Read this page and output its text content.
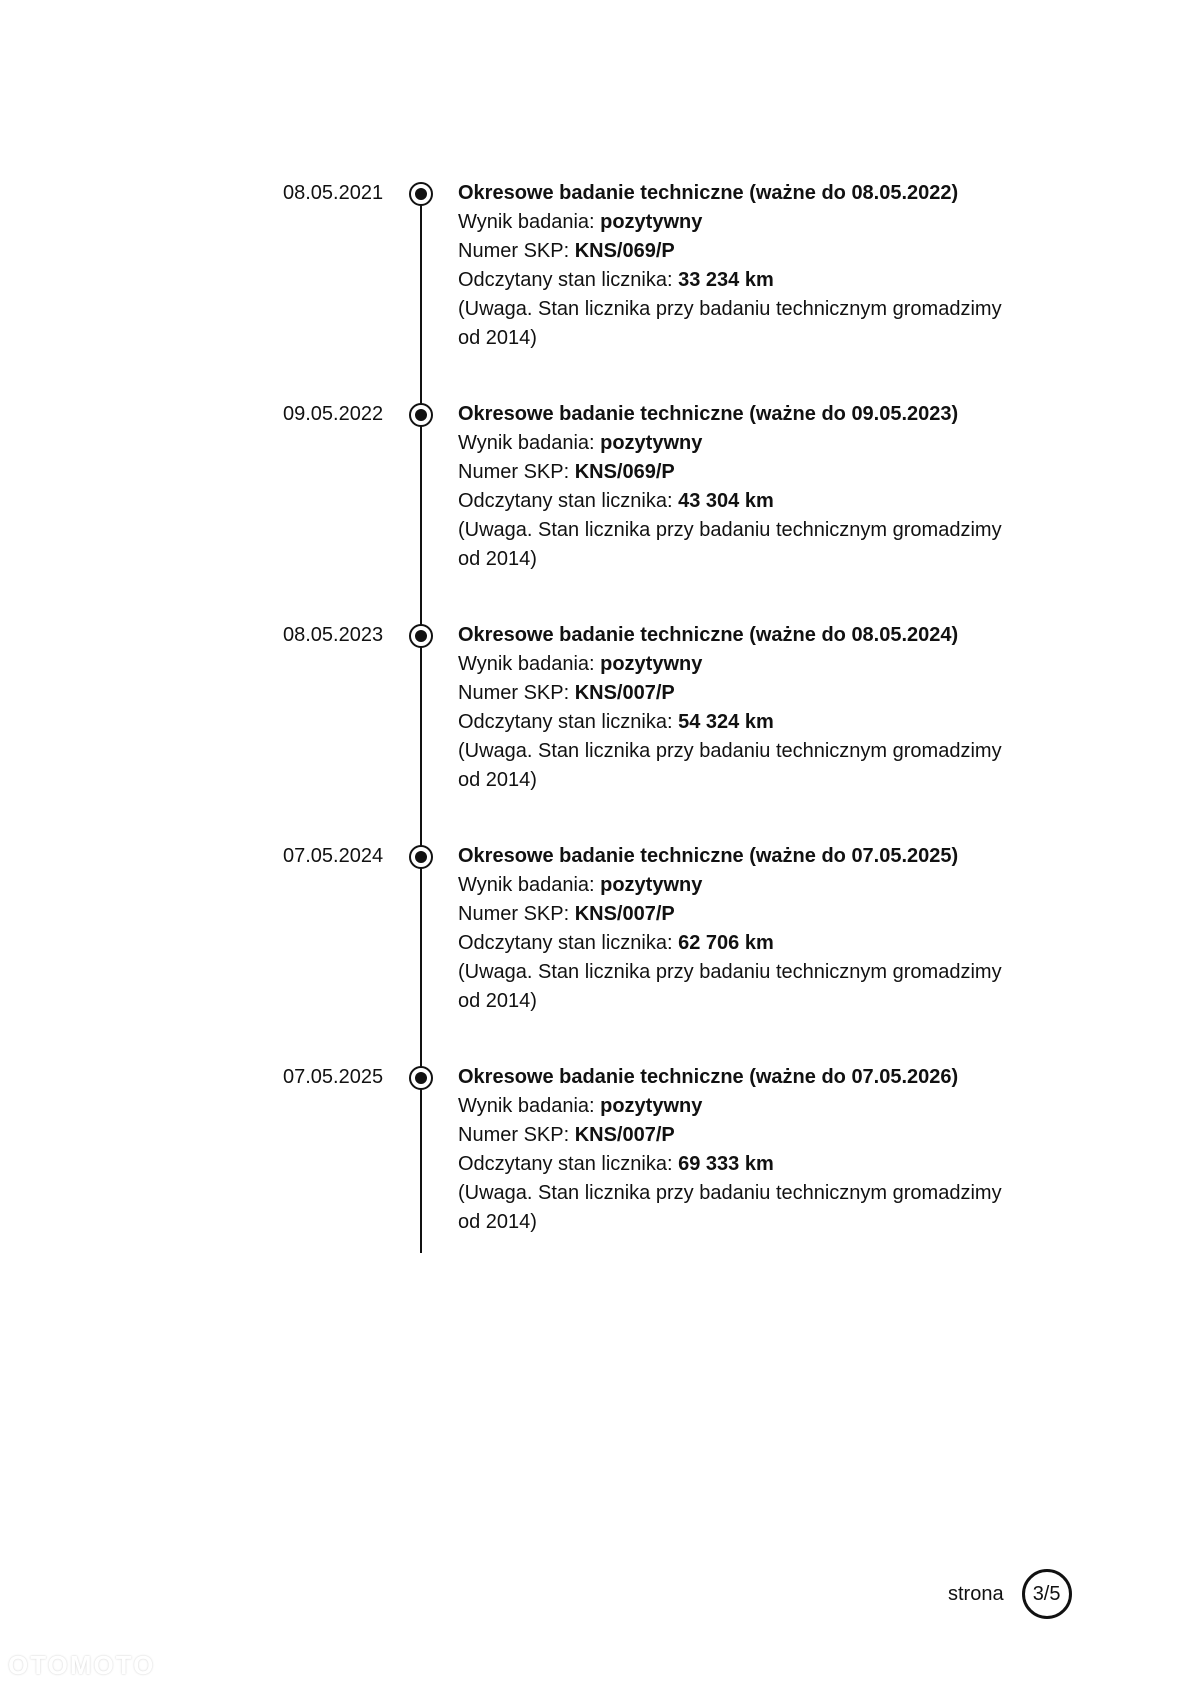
08.05.2021	Okresowe badanie techniczne (ważne do 08.05.2022)
Wynik badania: pozytywny
Numer SKP: KNS/069/P
Odczytany stan licznika: 33 234 km
(Uwaga. Stan licznika przy badaniu technicznym gromadzimy od 2014)
09.05.2022	Okresowe badanie techniczne (ważne do 09.05.2023)
Wynik badania: pozytywny
Numer SKP: KNS/069/P
Odczytany stan licznika: 43 304 km
(Uwaga. Stan licznika przy badaniu technicznym gromadzimy od 2014)
08.05.2023	Okresowe badanie techniczne (ważne do 08.05.2024)
Wynik badania: pozytywny
Numer SKP: KNS/007/P
Odczytany stan licznika: 54 324 km
(Uwaga. Stan licznika przy badaniu technicznym gromadzimy od 2014)
07.05.2024	Okresowe badanie techniczne (ważne do 07.05.2025)
Wynik badania: pozytywny
Numer SKP: KNS/007/P
Odczytany stan licznika: 62 706 km
(Uwaga. Stan licznika przy badaniu technicznym gromadzimy od 2014)
07.05.2025	Okresowe badanie techniczne (ważne do 07.05.2026)
Wynik badania: pozytywny
Numer SKP: KNS/007/P
Odczytany stan licznika: 69 333 km
(Uwaga. Stan licznika przy badaniu technicznym gromadzimy od 2014)
strona	3/5
OTOMOTO
